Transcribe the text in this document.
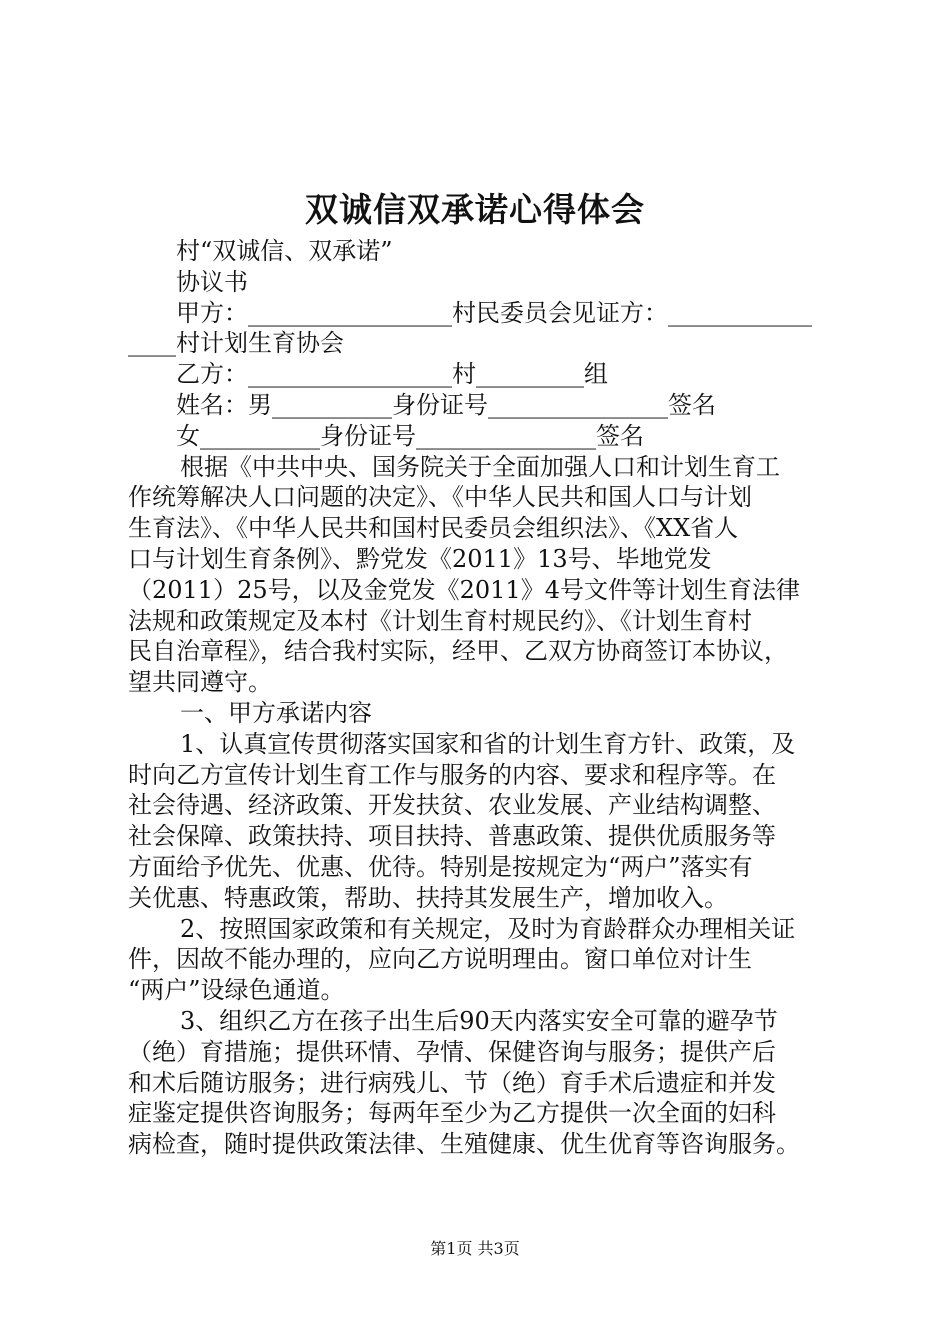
双诚信双承诺心得体会
村“双诚信、双承诺”
协议书
甲方：_________________村民委员会见证方：____________
____村计划生育协会
乙方：_________________村_________组
姓名：男__________身份证号_______________签名
女__________身份证号_______________签名
根据《中共中央、国务院关于全面加强人口和计划生育工
作统筹解决人口问题的决定》、《中华人民共和国人口与计划
生育法》、《中华人民共和国村民委员会组织法》、《XX省人
口与计划生育条例》、黔党发《2011》13号、毕地党发
（2011）25号，以及金党发《2011》4号文件等计划生育法律
法规和政策规定及本村《计划生育村规民约》、《计划生育村
民自治章程》，结合我村实际，经甲、乙双方协商签订本协议，
望共同遵守。
一、甲方承诺内容
1、认真宣传贯彻落实国家和省的计划生育方针、政策，及
时向乙方宣传计划生育工作与服务的内容、要求和程序等。在
社会待遇、经济政策、开发扶贫、农业发展、产业结构调整、
社会保障、政策扶持、项目扶持、普惠政策、提供优质服务等
方面给予优先、优惠、优待。特别是按规定为“两户”落实有
关优惠、特惠政策，帮助、扶持其发展生产，增加收入。
2、按照国家政策和有关规定，及时为育龄群众办理相关证
件，因故不能办理的，应向乙方说明理由。窗口单位对计生
“两户”设绿色通道。
3、组织乙方在孩子出生后90天内落实安全可靠的避孕节
（绝）育措施；提供环情、孕情、保健咨询与服务；提供产后
和术后随访服务；进行病残儿、节（绝）育手术后遗症和并发
症鉴定提供咨询服务；每两年至少为乙方提供一次全面的妇科
病检查，随时提供政策法律、生殖健康、优生优育等咨询服务。
第1页 共3页
